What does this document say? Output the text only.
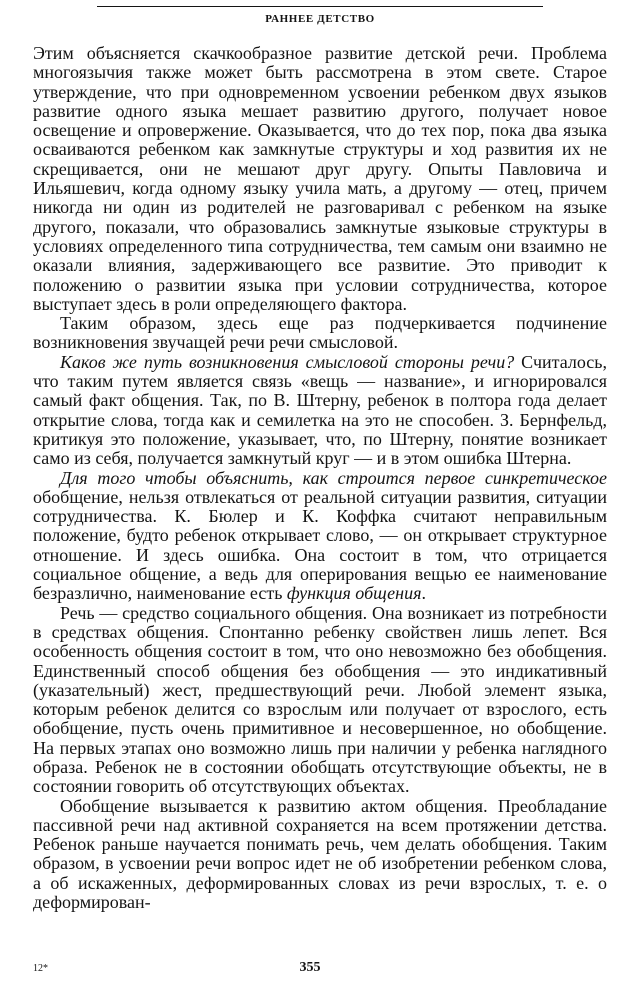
РАННЕЕ ДЕТСТВО

Этим объясняется скачкообразное развитие детской речи. Проблема многоязычия также может быть рассмотрена в этом свете. Старое утверждение, что при одновременном усвоении ребенком двух языков развитие одного языка мешает развитию другого, получает новое освещение и опровержение. Оказывается, что до тех пор, пока два языка осваиваются ребенком как замкнутые структуры и ход развития их не скрещивается, они не мешают друг другу. Опыты Павловича и Ильяшевич, когда одному языку учила мать, а другому — отец, причем никогда ни один из родителей не разговаривал с ребенком на языке другого, показали, что образовались замкнутые языковые структуры в условиях определенного типа сотрудничества, тем самым они взаимно не оказали влияния, задерживающего все развитие. Это приводит к положению о развитии языка при условии сотрудничества, которое выступает здесь в роли определяющего фактора.

Таким образом, здесь еще раз подчеркивается подчинение возникновения звучащей речи речи смысловой.

Каков же путь возникновения смысловой стороны речи? Считалось, что таким путем является связь «вещь — название», и игнорировался самый факт общения. Так, по В. Штерну, ребенок в полтора года делает открытие слова, тогда как и семилетка на это не способен. З. Бернфельд, критикуя это положение, указывает, что, по Штерну, понятие возникает само из себя, получается замкнутый круг — и в этом ошибка Штерна.

Для того чтобы объяснить, как строится первое синкретическое обобщение, нельзя отвлекаться от реальной ситуации развития, ситуации сотрудничества. К. Бюлер и К. Коффка считают неправильным положение, будто ребенок открывает слово, — он открывает структурное отношение. И здесь ошибка. Она состоит в том, что отрицается социальное общение, а ведь для оперирования вещью ее наименование безразлично, наименование есть функция общения.

Речь — средство социального общения. Она возникает из потребности в средствах общения. Спонтанно ребенку свойствен лишь лепет. Вся особенность общения состоит в том, что оно невозможно без обобщения. Единственный способ общения без обобщения — это индикативный (указательный) жест, предшествующий речи. Любой элемент языка, которым ребенок делится со взрослым или получает от взрослого, есть обобщение, пусть очень примитивное и несовершенное, но обобщение. На первых этапах оно возможно лишь при наличии у ребенка наглядного образа. Ребенок не в состоянии обобщать отсутствующие объекты, не в состоянии говорить об отсутствующих объектах.

Обобщение вызывается к развитию актом общения. Преобладание пассивной речи над активной сохраняется на всем протяжении детства. Ребенок раньше научается понимать речь, чем делать обобщения. Таким образом, в усвоении речи вопрос идет не об изобретении ребенком слова, а об искаженных, деформированных словах из речи взрослых, т. е. о деформирован-

12*	355
